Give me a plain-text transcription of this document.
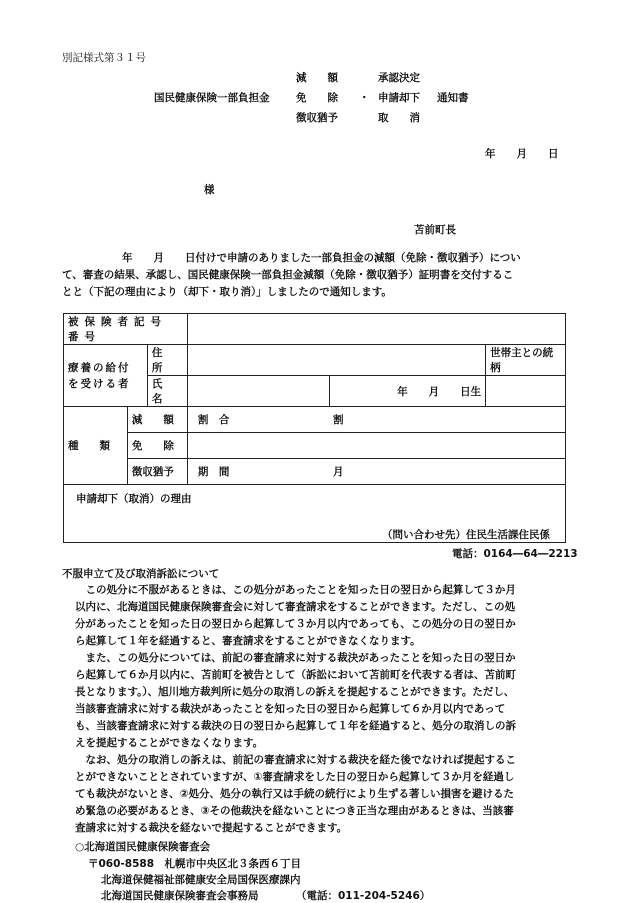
別記様式第３１号
国民健康保険一部負担金
減　　額
免　　除
徴収猶予
・
承認決定
申請却下
取　　消
通知書
年　　月　　日
様
苫前町長
年　　月　　日付けで申請のありました一部負担金の減額（免除・徴収猶予）につい
て、審査の結果、承認し、国民健康保険一部負担金減額（免除・徴収猶予）証明書を交付するこ
とと（下記の理由により（却下・取り消）」しましたので通知します。
被保険者記号番号					
療養の給付
を受ける者		住　所			世帯主との続柄
		氏　名		年　　月　　日生	
種　　類	減　　額		割　合	割	
	免　　除				
	徴収猶予		期　間	月	
申請却下（取消）の理由					
（問い合わせ先）住民生活課住民係
電話：0164―64―2213
不服申立て及び取消訴訟について
　この処分に不服があるときは、この処分があったことを知った日の翌日から起算して３か月
以内に、北海道国民健康保険審査会に対して審査請求をすることができます。ただし、この処
分があったことを知った日の翌日から起算して３か月以内であっても、この処分の日の翌日か
ら起算して１年を経過すると、審査請求をすることができなくなります。
　また、この処分については、前記の審査請求に対する裁決があったことを知った日の翌日か
ら起算して６か月以内に、苫前町を被告として（訴訟において苫前町を代表する者は、苫前町
長となります。）、旭川地方裁判所に処分の取消しの訴えを提起することができます。ただし、
当該審査請求に対する裁決があったことを知った日の翌日から起算して６か月以内であって
も、当該審査請求に対する裁決の日の翌日から起算して１年を経過すると、処分の取消しの訴
えを提起することができなくなります。
　なお、処分の取消しの訴えは、前記の審査請求に対する裁決を経た後でなければ提起するこ
とができないこととされていますが、①審査請求をした日の翌日から起算して３か月を経過し
ても裁決がないとき、②処分、処分の執行又は手続の続行により生ずる著しい損害を避けるた
め緊急の必要があるとき、③その他裁決を経ないことにつき正当な理由があるときは、当該審
査請求に対する裁決を経ないで提起することができます。
○北海道国民健康保険審査会
〒060-8588　札幌市中央区北３条西６丁目
北海道保健福祉部健康安全局国保医療課内
北海道国民健康保険審査会事務局	（電話：011-204-5246）
